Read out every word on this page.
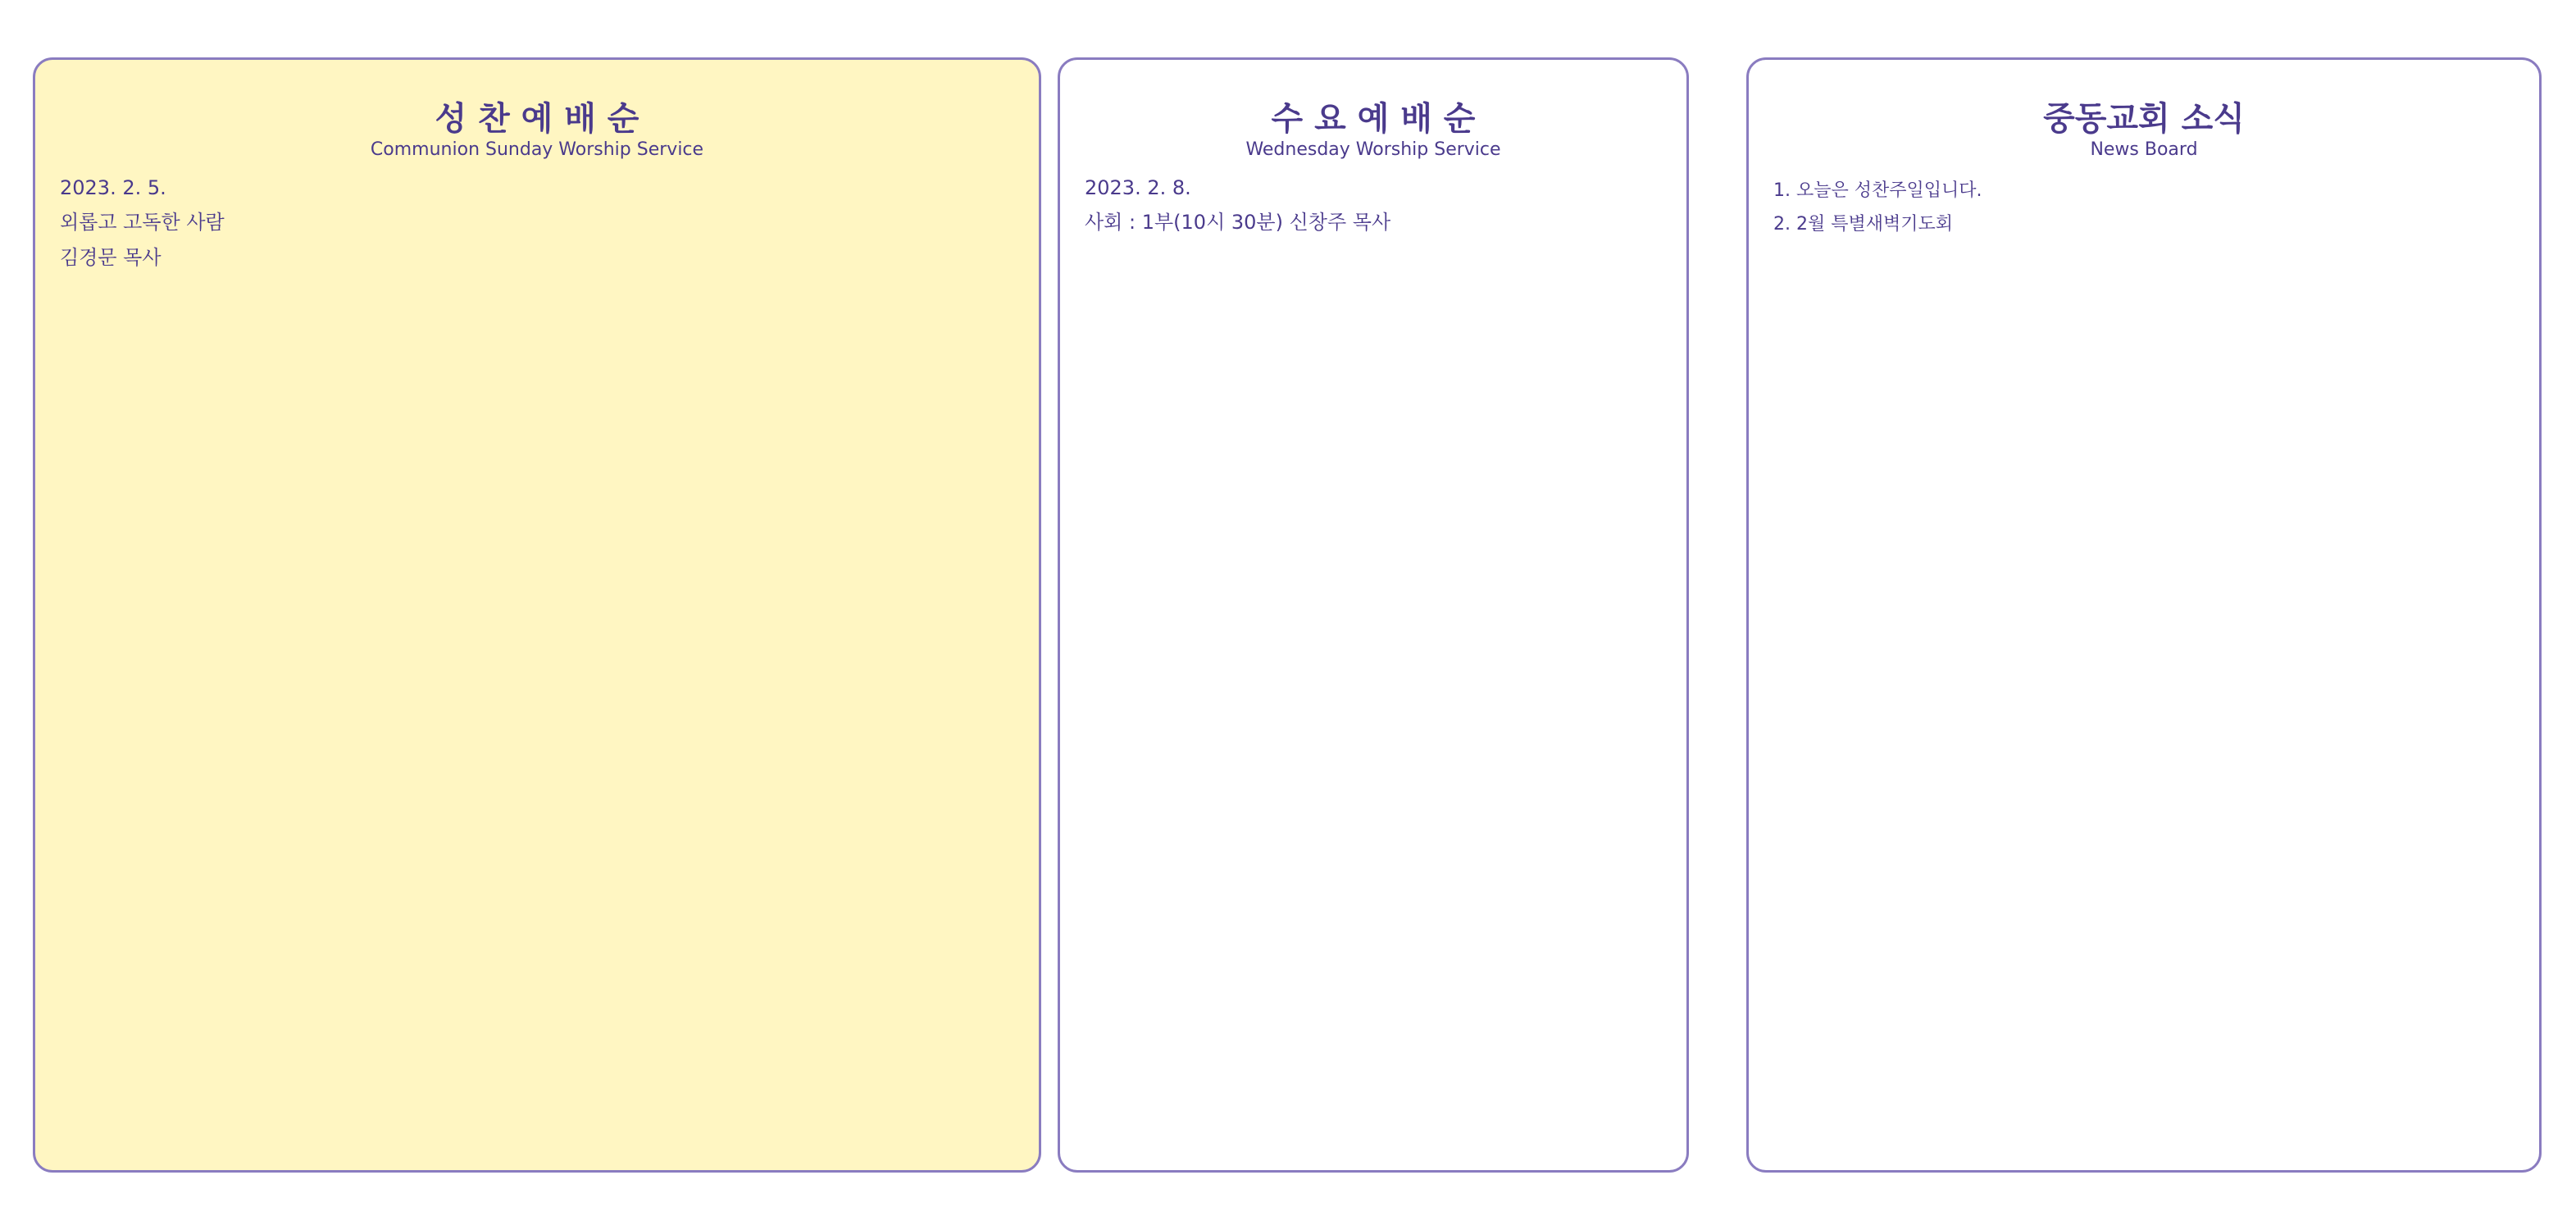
성 찬 예 배 순
Communion Sunday Worship Service
2023. 2. 5.
외롭고 고독한 사람
김경문 목사
수 요 예 배 순
Wednesday Worship Service
2023. 2. 8.
사회 : 1부(10시 30분) 신창주 목사
중동교회 소식
News Board
1. 오늘은 성찬주일입니다.
2. 2월 특별새벽기도회
